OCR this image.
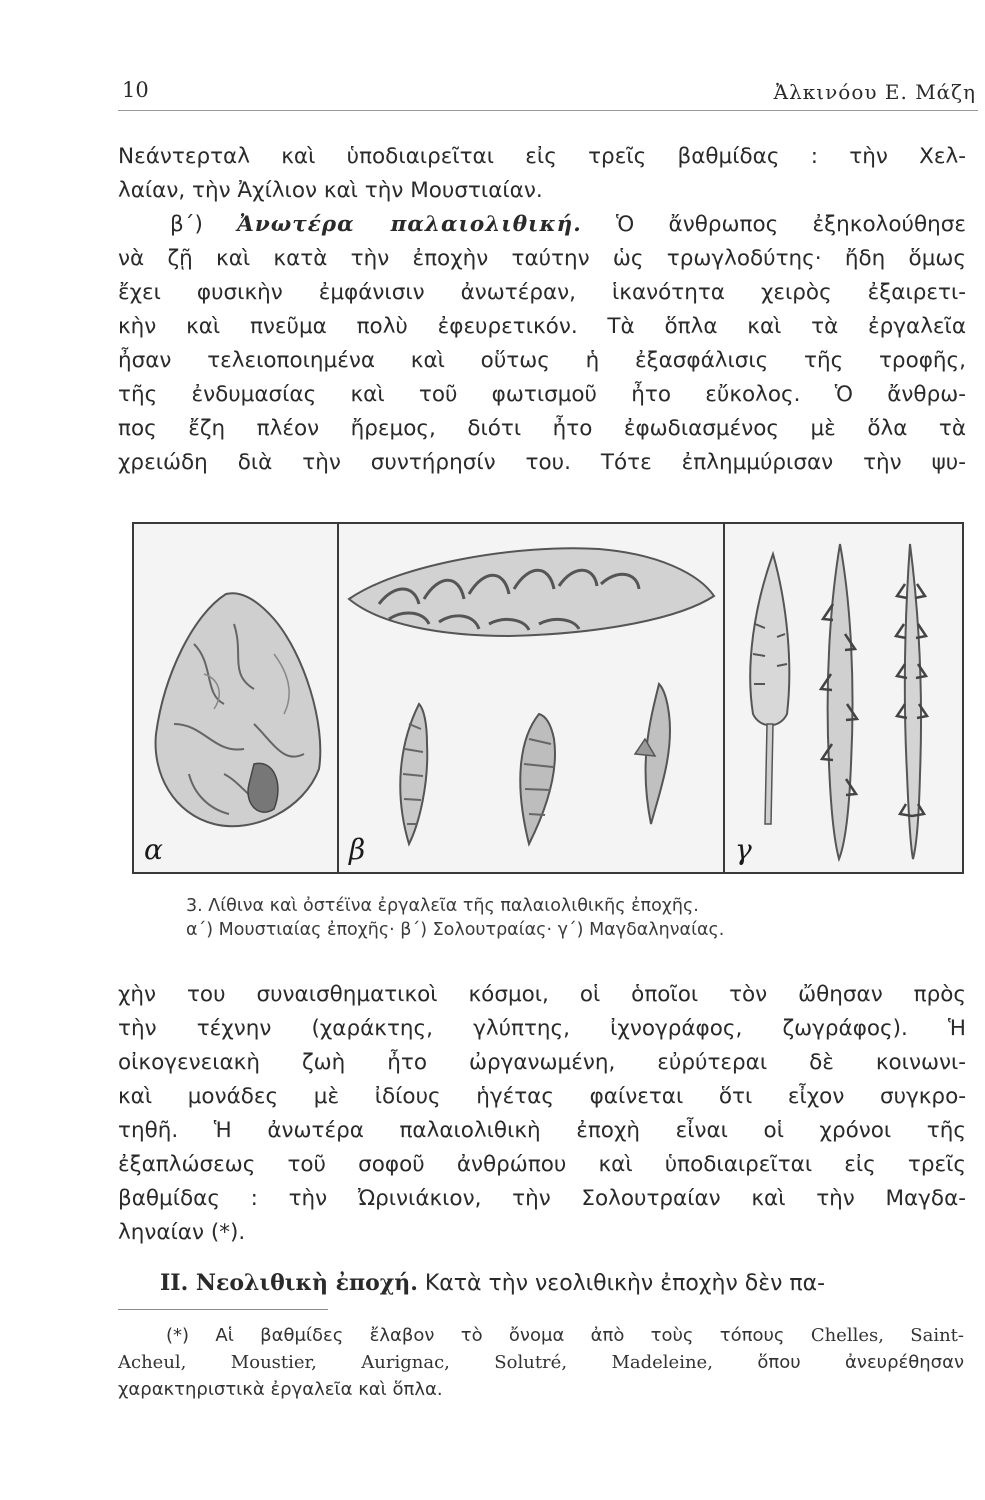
10	Ἀλκινόου Ε. Μάζη
Νεάντερταλ καὶ ὑποδιαιρεῖται εἰς τρεῖς βαθμίδας : τὴν Χελ-
λαίαν, τὴν Ἀχίλιον καὶ τὴν Μουστιαίαν.
β΄) Ἀνωτέρα παλαιολιθική. Ὁ ἄνθρωπος ἐξηκολούθησε
νὰ ζῇ καὶ κατὰ τὴν ἐποχὴν ταύτην ὡς τρωγλοδύτης· ἤδη ὅμως
ἔχει φυσικὴν ἐμφάνισιν ἀνωτέραν, ἱκανότητα χειρὸς ἐξαιρετι-
κὴν καὶ πνεῦμα πολὺ ἐφευρετικόν. Τὰ ὅπλα καὶ τὰ ἐργαλεῖα
ἦσαν τελειοποιημένα καὶ οὕτως ἡ ἐξασφάλισις τῆς τροφῆς,
τῆς ἐνδυμασίας καὶ τοῦ φωτισμοῦ ἦτο εὔκολος. Ὁ ἄνθρω-
πος ἔζη πλέον ἤρεμος, διότι ἦτο ἐφωδιασμένος μὲ ὅλα τὰ
χρειώδη διὰ τὴν συντήρησίν του. Τότε ἐπλημμύρισαν τὴν ψυ-
α	β	γ
3. Λίθινα καὶ ὀστέϊνα ἐργαλεῖα τῆς παλαιολιθικῆς ἐποχῆς.
α΄) Μουστιαίας ἐποχῆς· β΄) Σολουτραίας· γ΄) Μαγδαληναίας.
χὴν του συναισθηματικοὶ κόσμοι, οἱ ὁποῖοι τὸν ὤθησαν πρὸς
τὴν τέχνην (χαράκτης, γλύπτης, ἰχνογράφος, ζωγράφος). Ἡ
οἰκογενειακὴ ζωὴ ἦτο ὠργανωμένη, εὐρύτεραι δὲ κοινωνι-
καὶ μονάδες μὲ ἰδίους ἡγέτας φαίνεται ὅτι εἶχον συγκρο-
τηθῆ. Ἡ ἀνωτέρα παλαιολιθικὴ ἐποχὴ εἶναι οἱ χρόνοι τῆς
ἐξαπλώσεως τοῦ σοφοῦ ἀνθρώπου καὶ ὑποδιαιρεῖται εἰς τρεῖς
βαθμίδας : τὴν Ὠρινιάκιον, τὴν Σολουτραίαν καὶ τὴν Μαγδα-
ληναίαν (*).
ΙΙ. Νεολιθικὴ ἐποχή. Κατὰ τὴν νεολιθικὴν ἐποχὴν δὲν πα-
(*) Αἱ βαθμίδες ἔλαβον τὸ ὄνομα ἀπὸ τοὺς τόπους Chelles, Saint-
Acheul, Moustier, Aurignac, Solutré, Madeleine, ὅπου ἀνευρέθησαν
χαρακτηριστικὰ ἐργαλεῖα καὶ ὅπλα.
